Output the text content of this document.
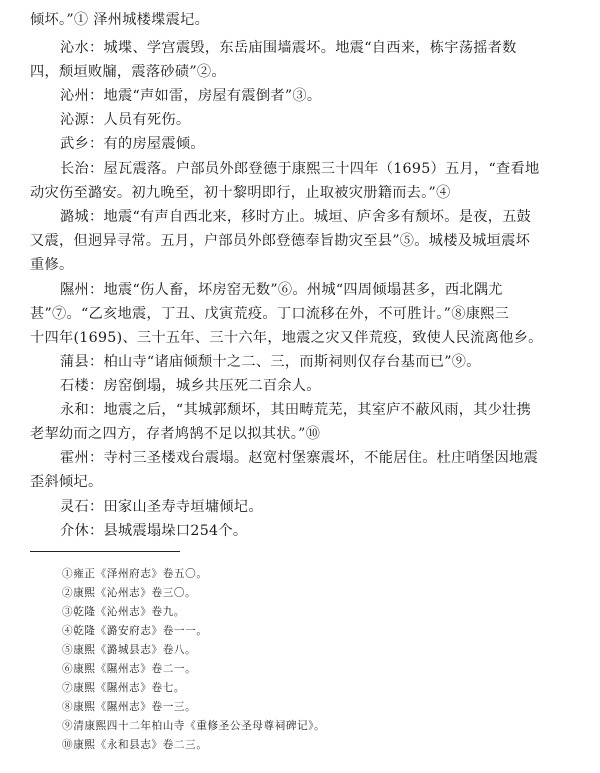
倾坏。”① 泽州城楼堞震圮。
沁水：城堞、学宫震毁，东岳庙围墙震坏。地震“自西来，栋宇荡摇者数
四，颓垣败牖，震落砂碛”②。
沁州：地震“声如雷，房屋有震倒者”③。
沁源：人员有死伤。
武乡：有的房屋震倾。
长治：屋瓦震落。户部员外郎登德于康熙三十四年（1695）五月，“查看地
动灾伤至潞安。初九晚至，初十黎明即行，止取被灾册籍而去。”④
潞城：地震“有声自西北来，移时方止。城垣、庐舍多有颓坏。是夜，五鼓
又震，但迥异寻常。五月，户部员外郎登德奉旨勘灾至县”⑤。城楼及城垣震坏
重修。
隰州：地震“伤人畜，坏房窑无数”⑥。州城“四周倾塌甚多，西北隅尤
甚”⑦。“乙亥地震，丁丑、戊寅荒疫。丁口流移在外，不可胜计。”⑧康熙三
十四年(1695)、三十五年、三十六年，地震之灾又伴荒疫，致使人民流离他乡。
蒲县：柏山寺“诸庙倾颓十之二、三，而斯祠则仅存台基而已”⑨。
石楼：房窑倒塌，城乡共压死二百余人。
永和：地震之后，“其城郭颓坏，其田畴荒芜，其室庐不蔽风雨，其少壮携
老挈幼而之四方，存者鸠鹄不足以拟其状。”⑩
霍州：寺村三圣楼戏台震塌。赵宽村堡寨震坏，不能居住。杜庄哨堡因地震
歪斜倾圮。
灵石：田家山圣寿寺垣墉倾圮。
介休：县城震塌垛口254个。
①雍正《泽州府志》卷五〇。
②康熙《沁州志》卷三〇。
③乾隆《沁州志》卷九。
④乾隆《潞安府志》卷一一。
⑤康熙《潞城县志》卷八。
⑥康熙《隰州志》卷二一。
⑦康熙《隰州志》卷七。
⑧康熙《隰州志》卷一三。
⑨清康熙四十二年柏山寺《重修圣公圣母尊祠碑记》。
⑩康熙《永和县志》卷二三。
